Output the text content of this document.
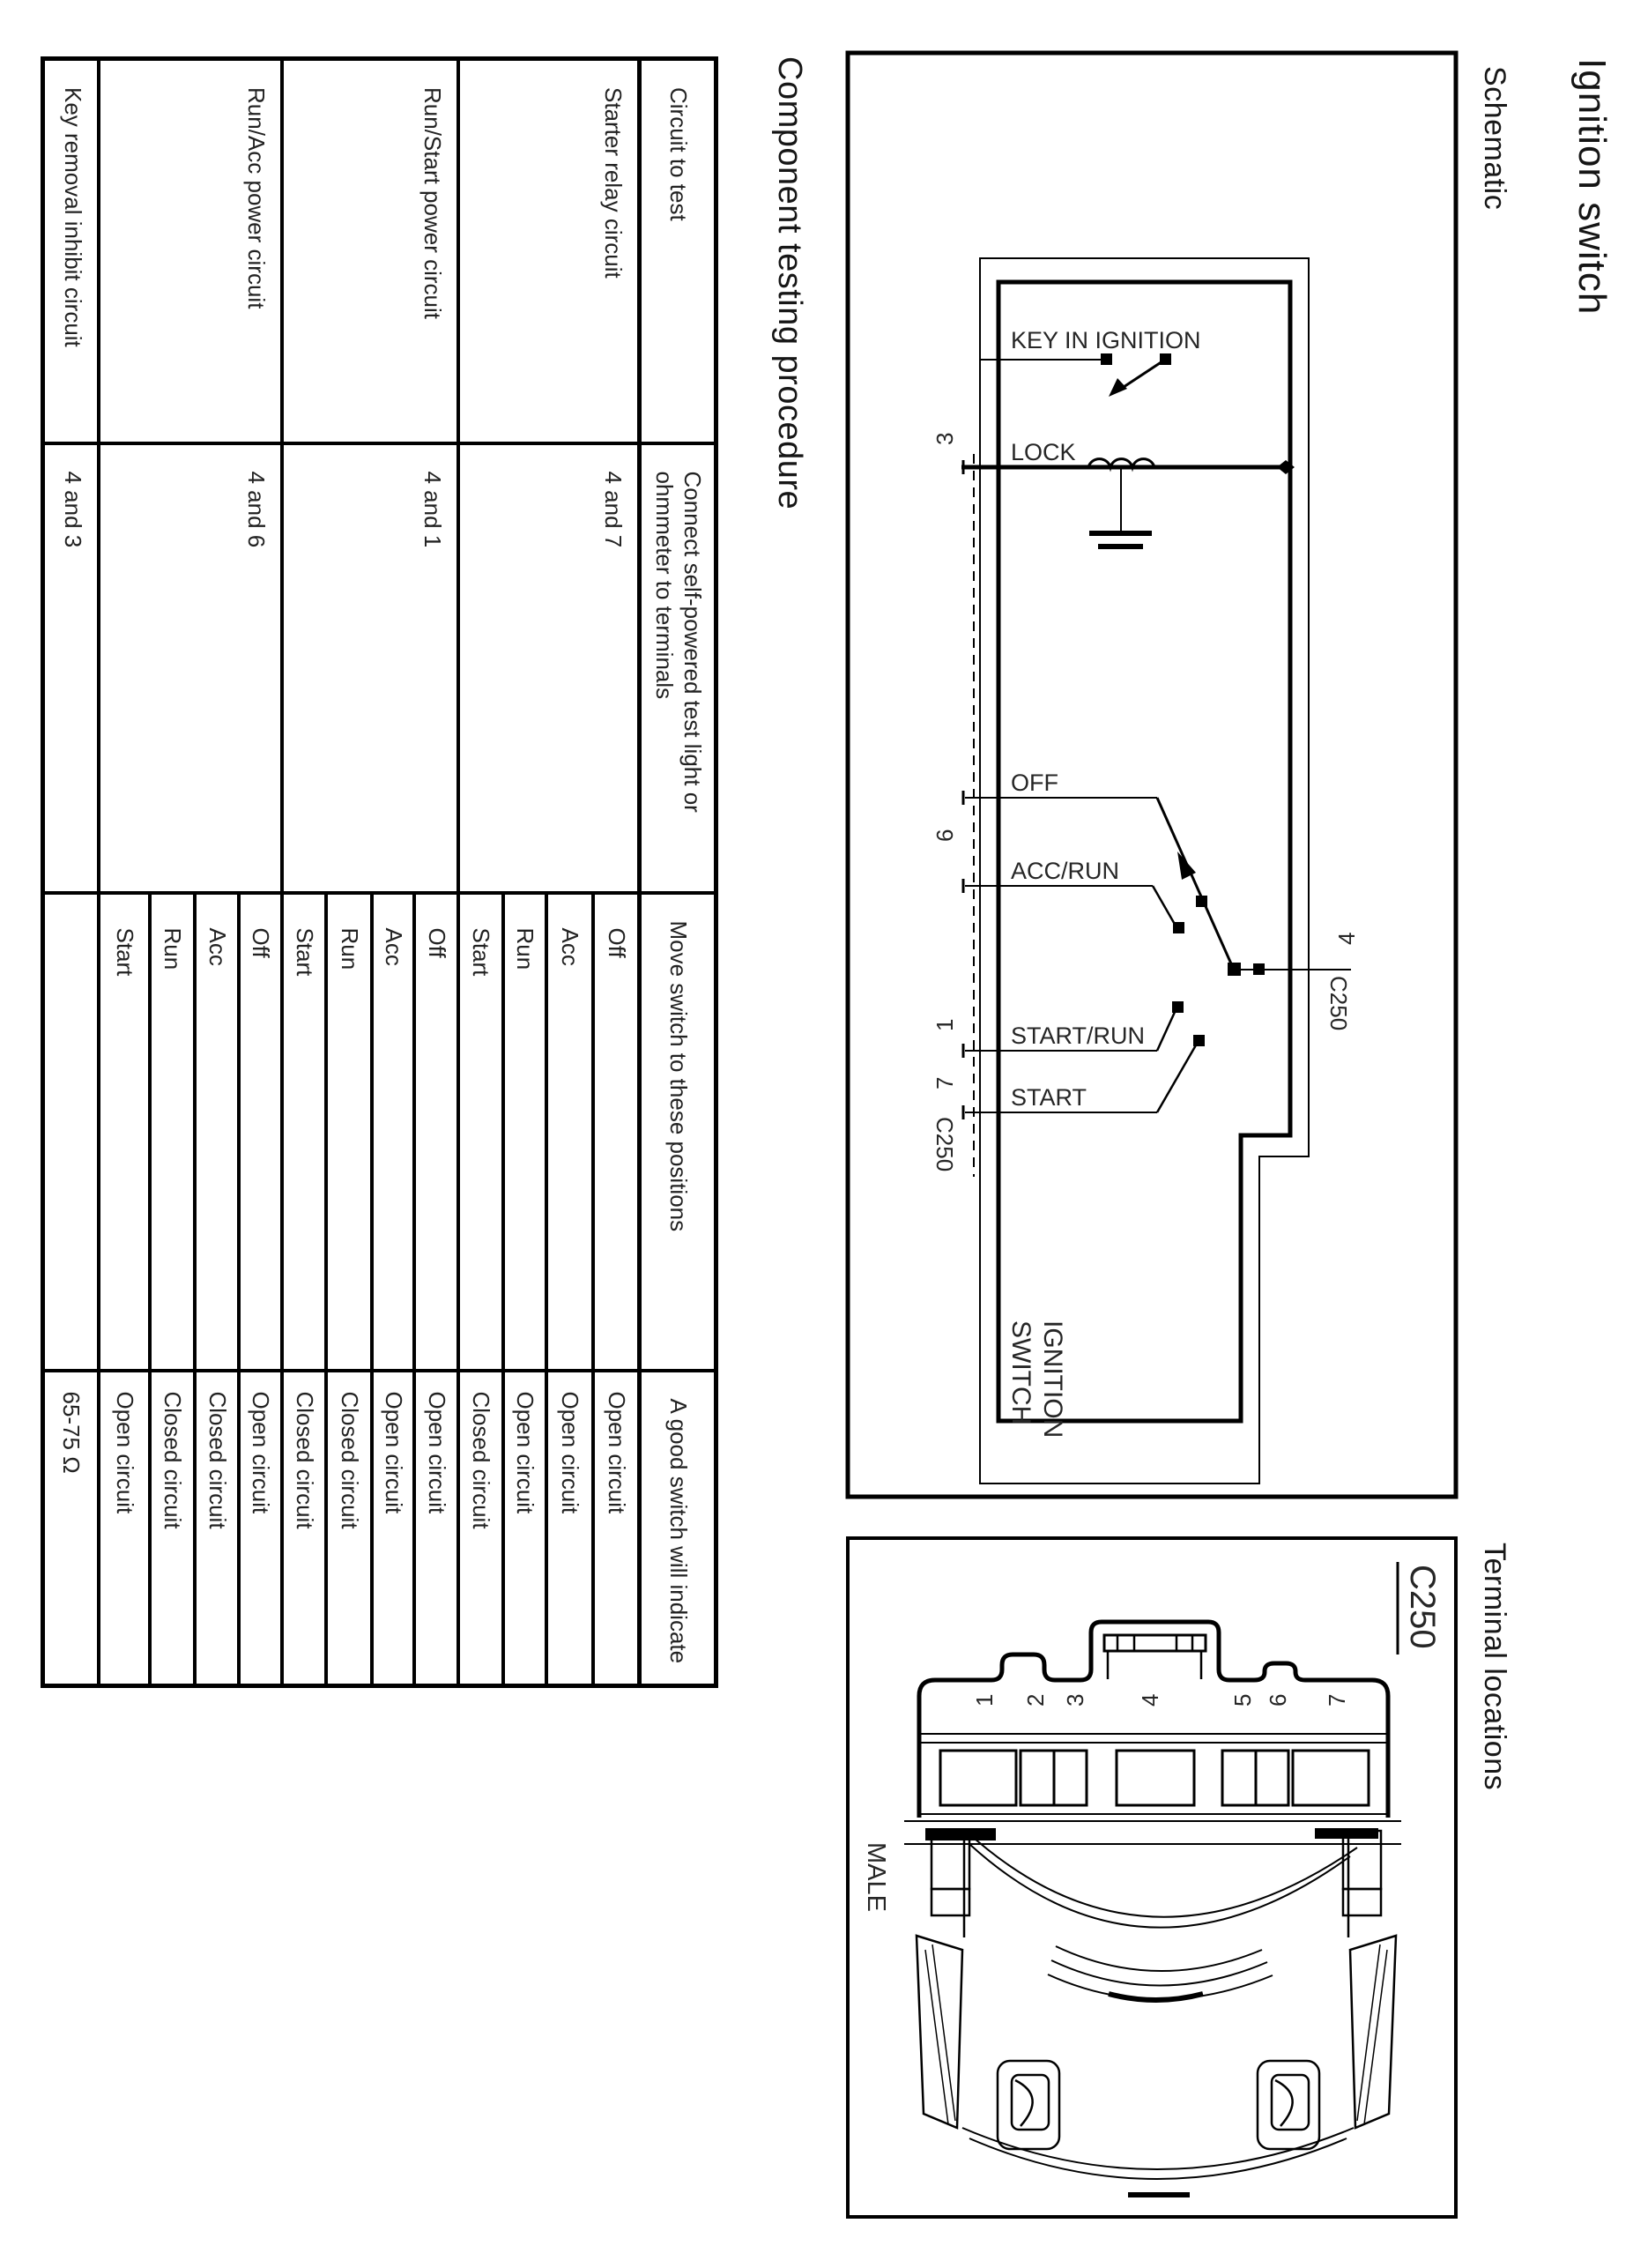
Ignition switch
Schematic
Terminal locations
Component testing procedure	KEY IN IGNITION
LOCK
OFF
ACC/RUN
START/RUN
START
3
6
1
7
C250
4
C250
IGNITION
SWITCH
C250
MALE
1 2 3 4	5 6 7
Circuit to test	Connect self-powered test light or ohmmeter to terminals	Move switch to these positions	A good switch will indicate
Starter relay circuit	4 and 7	Off	Open circuit
		Acc	Open circuit
		Run	Open circuit
		Start	Closed circuit
Run/Start power circuit	4 and 1	Off	Open circuit
		Acc	Open circuit
		Run	Closed circuit
		Start	Closed circuit
Run/Acc power circuit	4 and 6	Off	Open circuit
		Acc	Closed circuit
		Run	Closed circuit
		Start	Open circuit
Key removal inhibit circuit	4 and 3		65-75 Ω
